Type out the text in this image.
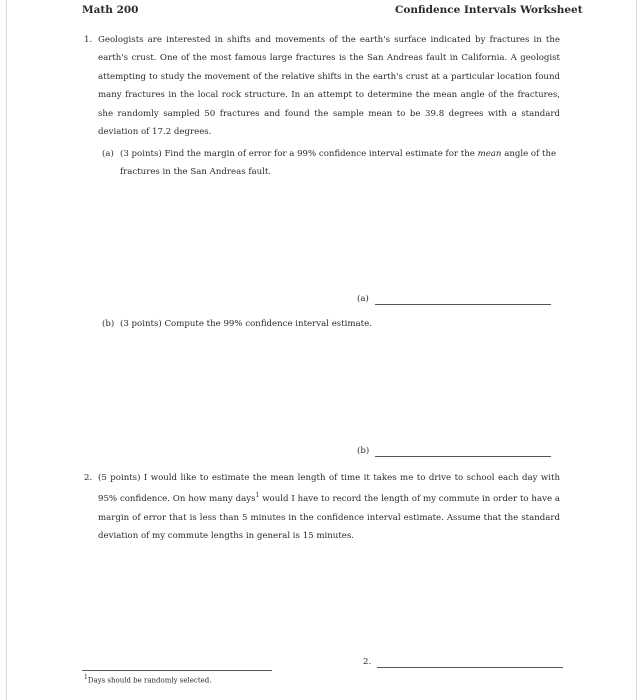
Math 200	Confidence Intervals Worksheet
1. Geologists are interested in shifts and movements of the earth's surface indicated by fractures in the earth's crust. One of the most famous large fractures is the San Andreas fault in California. A geologist attempting to study the movement of the relative shifts in the earth's crust at a particular location found many fractures in the local rock structure. In an attempt to determine the mean angle of the fractures, she randomly sampled 50 fractures and found the sample mean to be 39.8 degrees with a standard deviation of 17.2 degrees.
(a) (3 points) Find the margin of error for a 99% confidence interval estimate for the mean angle of the fractures in the San Andreas fault.
(a)
(b) (3 points) Compute the 99% confidence interval estimate.
(b)
2. (5 points) I would like to estimate the mean length of time it takes me to drive to school each day with 95% confidence. On how many days$^1$ would I have to record the length of my commute in order to have a margin of error that is less than 5 minutes in the confidence interval estimate. Assume that the standard deviation of my commute lengths in general is 15 minutes.
2.
$^1$Days should be randomly selected.
